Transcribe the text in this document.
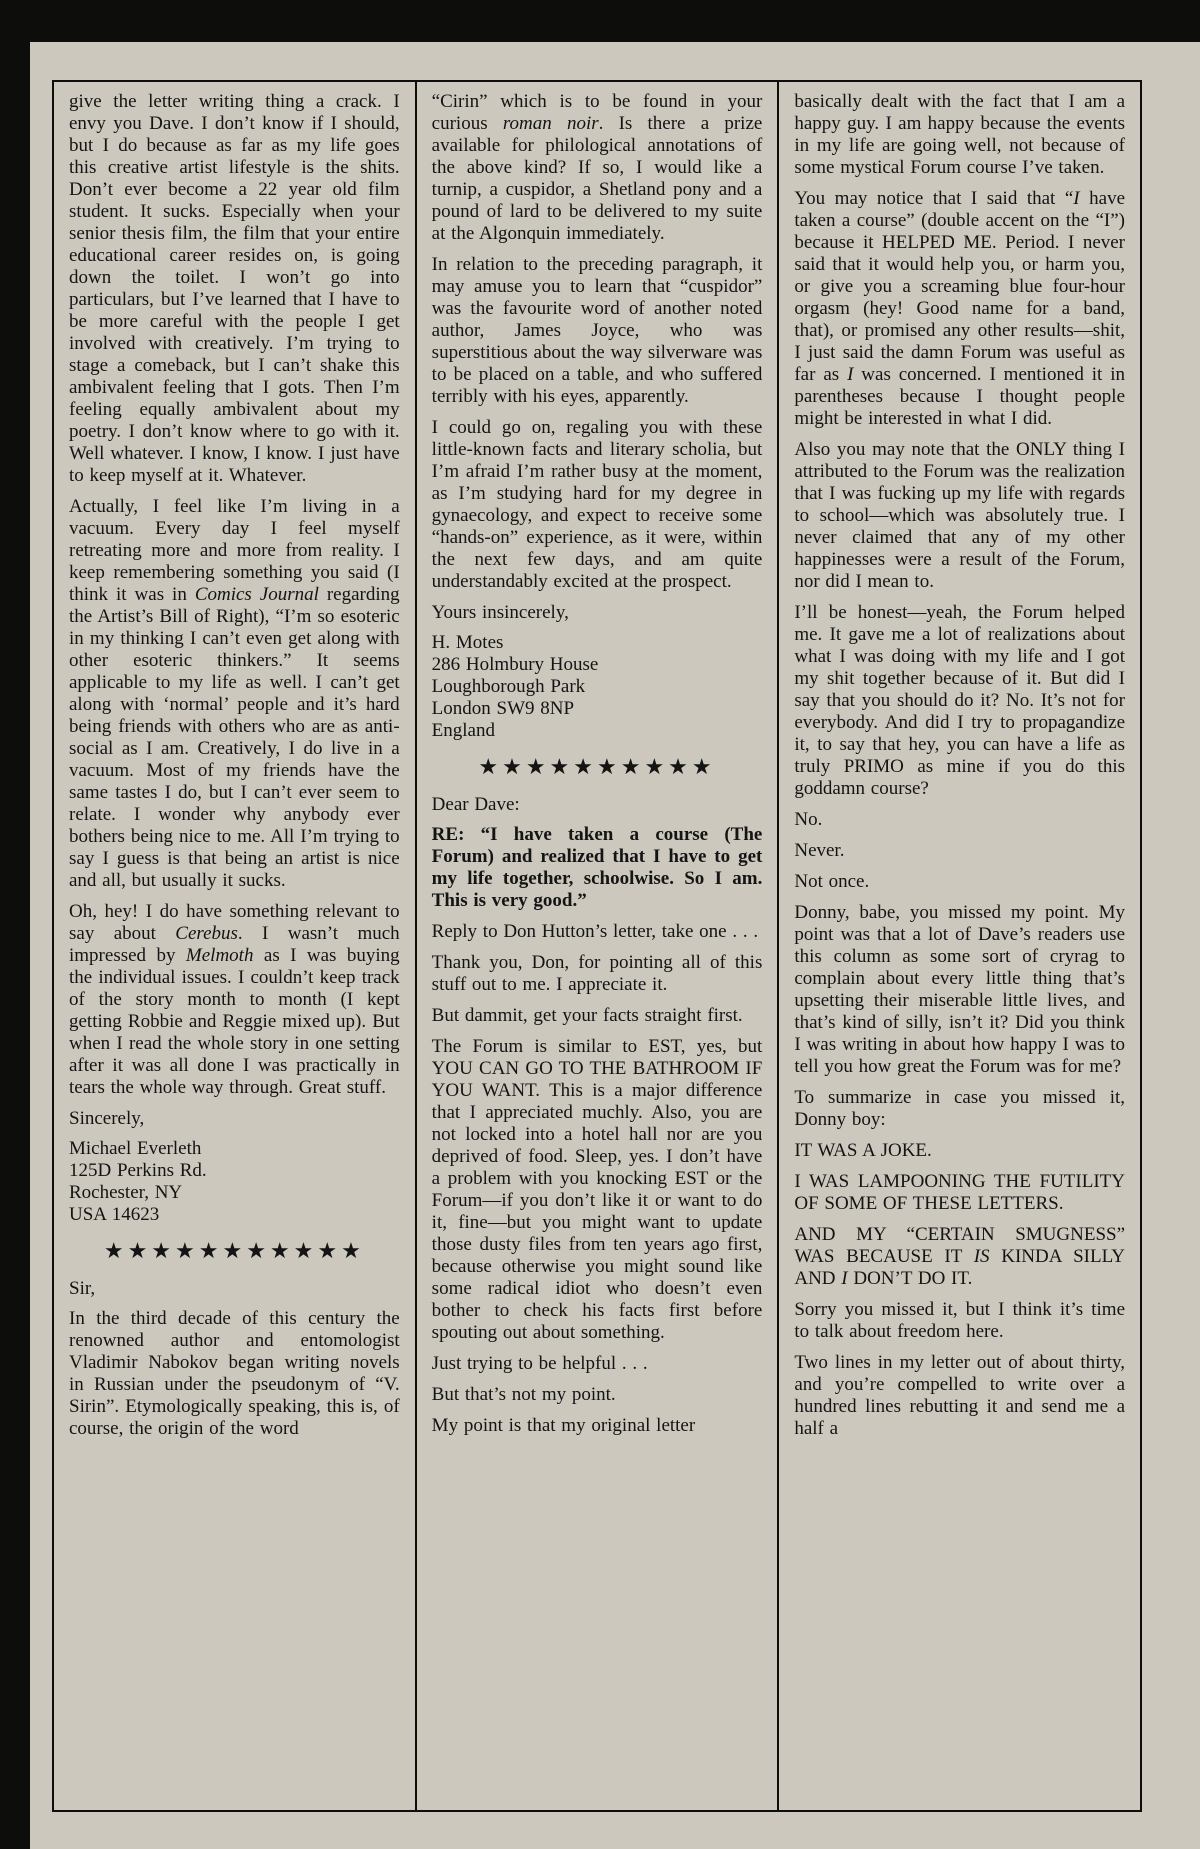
give the letter writing thing a crack. I envy you Dave. I don’t know if I should, but I do because as far as my life goes this creative artist lifestyle is the shits. Don’t ever become a 22 year old film student. It sucks. Especially when your senior thesis film, the film that your entire educational career resides on, is going down the toilet. I won’t go into particulars, but I’ve learned that I have to be more careful with the people I get involved with creatively. I’m trying to stage a comeback, but I can’t shake this ambivalent feeling that I gots. Then I’m feeling equally ambivalent about my poetry. I don’t know where to go with it. Well whatever. I know, I know. I just have to keep myself at it. Whatever.

Actually, I feel like I’m living in a vacuum. Every day I feel myself retreating more and more from reality. I keep remembering something you said (I think it was in Comics Journal regarding the Artist’s Bill of Right), “I’m so esoteric in my thinking I can’t even get along with other esoteric thinkers.” It seems applicable to my life as well. I can’t get along with ‘normal’ people and it’s hard being friends with others who are as anti-social as I am. Creatively, I do live in a vacuum. Most of my friends have the same tastes I do, but I can’t ever seem to relate. I wonder why anybody ever bothers being nice to me. All I’m trying to say I guess is that being an artist is nice and all, but usually it sucks.

Oh, hey! I do have something relevant to say about Cerebus. I wasn’t much impressed by Melmoth as I was buying the individual issues. I couldn’t keep track of the story month to month (I kept getting Robbie and Reggie mixed up). But when I read the whole story in one setting after it was all done I was practically in tears the whole way through. Great stuff.

Sincerely,

Michael Everleth

125D Perkins Rd.

Rochester, NY

USA 14623

★★★★★★★★★★★

Sir,

In the third decade of this century the renowned author and entomologist Vladimir Nabokov began writing novels in Russian under the pseudonym of “V. Sirin”. Etymologically speaking, this is, of course, the origin of the word

“Cirin” which is to be found in your curious roman noir. Is there a prize available for philological annotations of the above kind? If so, I would like a turnip, a cuspidor, a Shetland pony and a pound of lard to be delivered to my suite at the Algonquin immediately.

In relation to the preceding paragraph, it may amuse you to learn that “cuspidor” was the favourite word of another noted author, James Joyce, who was superstitious about the way silverware was to be placed on a table, and who suffered terribly with his eyes, apparently.

I could go on, regaling you with these little-known facts and literary scholia, but I’m afraid I’m rather busy at the moment, as I’m studying hard for my degree in gynaecology, and expect to receive some “hands-on” experience, as it were, within the next few days, and am quite understandably excited at the prospect.

Yours insincerely,

H. Motes

286 Holmbury House

Loughborough Park

London SW9 8NP

England

★★★★★★★★★★

Dear Dave:

RE: “I have taken a course (The Forum) and realized that I have to get my life together, schoolwise. So I am. This is very good.”

Reply to Don Hutton’s letter, take one . . .

Thank you, Don, for pointing all of this stuff out to me. I appreciate it.

But dammit, get your facts straight first.

The Forum is similar to EST, yes, but YOU CAN GO TO THE BATHROOM IF YOU WANT. This is a major difference that I appreciated muchly. Also, you are not locked into a hotel hall nor are you deprived of food. Sleep, yes. I don’t have a problem with you knocking EST or the Forum—if you don’t like it or want to do it, fine—but you might want to update those dusty files from ten years ago first, because otherwise you might sound like some radical idiot who doesn’t even bother to check his facts first before spouting out about something.

Just trying to be helpful . . .

But that’s not my point.

My point is that my original letter

basically dealt with the fact that I am a happy guy. I am happy because the events in my life are going well, not because of some mystical Forum course I’ve taken.

You may notice that I said that “I have taken a course” (double accent on the “I”) because it HELPED ME. Period. I never said that it would help you, or harm you, or give you a screaming blue four-hour orgasm (hey! Good name for a band, that), or promised any other results—shit, I just said the damn Forum was useful as far as I was concerned. I mentioned it in parentheses because I thought people might be interested in what I did.

Also you may note that the ONLY thing I attributed to the Forum was the realization that I was fucking up my life with regards to school—which was absolutely true. I never claimed that any of my other happinesses were a result of the Forum, nor did I mean to.

I’ll be honest—yeah, the Forum helped me. It gave me a lot of realizations about what I was doing with my life and I got my shit together because of it. But did I say that you should do it? No. It’s not for everybody. And did I try to propagandize it, to say that hey, you can have a life as truly PRIMO as mine if you do this goddamn course?

No.

Never.

Not once.

Donny, babe, you missed my point. My point was that a lot of Dave’s readers use this column as some sort of cryrag to complain about every little thing that’s upsetting their miserable little lives, and that’s kind of silly, isn’t it? Did you think I was writing in about how happy I was to tell you how great the Forum was for me?

To summarize in case you missed it, Donny boy:

IT WAS A JOKE.

I WAS LAMPOONING THE FUTILITY OF SOME OF THESE LETTERS.

AND MY “CERTAIN SMUGNESS” WAS BECAUSE IT IS KINDA SILLY AND I DON’T DO IT.

Sorry you missed it, but I think it’s time to talk about freedom here.

Two lines in my letter out of about thirty, and you’re compelled to write over a hundred lines rebutting it and send me a half a
